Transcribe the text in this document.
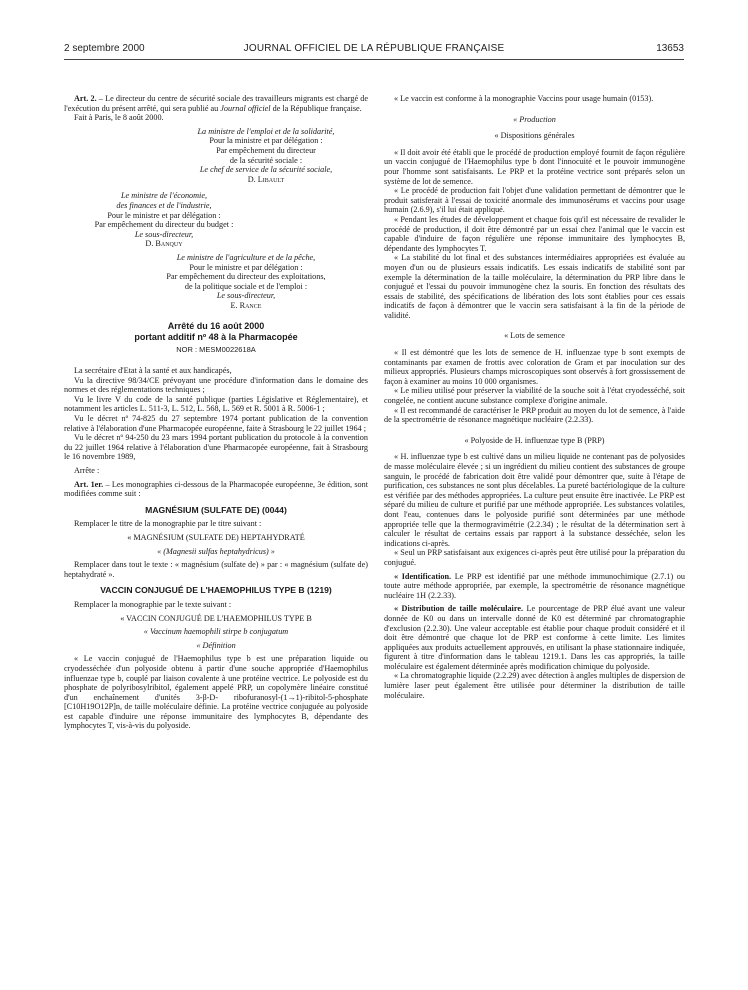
2 septembre 2000	JOURNAL OFFICIEL DE LA RÉPUBLIQUE FRANÇAISE	13653

Art. 2. – Le directeur du centre de sécurité sociale des travailleurs migrants est chargé de l'exécution du présent arrêté, qui sera publié au Journal officiel de la République française.

Fait à Paris, le 8 août 2000.

La ministre de l'emploi et de la solidarité,

Pour la ministre et par délégation :

Par empêchement du directeur

de la sécurité sociale :

Le chef de service de la sécurité sociale,

D. Libault

Le ministre de l'économie,

des finances et de l'industrie,

Pour le ministre et par délégation :

Par empêchement du directeur du budget :

Le sous-directeur,

D. Banquy

Le ministre de l'agriculture et de la pêche,

Pour le ministre et par délégation :

Par empêchement du directeur des exploitations,

de la politique sociale et de l'emploi :

Le sous-directeur,

E. Rance

Arrêté du 16 août 2000

portant additif nº 48 à la Pharmacopée

NOR : MESM0022618A

La secrétaire d'Etat à la santé et aux handicapés,

Vu la directive 98/34/CE prévoyant une procédure d'information dans le domaine des normes et des réglementations techniques ;

Vu le livre V du code de la santé publique (parties Législative et Réglementaire), et notamment les articles L. 511-3, L. 512, L. 568, L. 569 et R. 5001 à R. 5006-1 ;

Vu le décret nº 74-825 du 27 septembre 1974 portant publication de la convention relative à l'élaboration d'une Pharmacopée européenne, faite à Strasbourg le 22 juillet 1964 ;

Vu le décret nº 94-250 du 23 mars 1994 portant publication du protocole à la convention du 22 juillet 1964 relative à l'élaboration d'une Pharmacopée européenne, fait à Strasbourg le 16 novembre 1989,

Arrête :

Art. 1er. – Les monographies ci-dessous de la Pharmacopée européenne, 3e édition, sont modifiées comme suit :

MAGNÉSIUM (SULFATE DE) (0044)

Remplacer le titre de la monographie par le titre suivant :

« MAGNÉSIUM (SULFATE DE) HEPTAHYDRATÉ

« (Magnesii sulfas heptahydricus) »

Remplacer dans tout le texte : « magnésium (sulfate de) » par : « magnésium (sulfate de) heptahydraté ».

VACCIN CONJUGUÉ DE L'HAEMOPHILUS TYPE B (1219)

Remplacer la monographie par le texte suivant :

« VACCIN CONJUGUÉ DE L'HAEMOPHILUS TYPE B

« Vaccinum haemophili stirpe b conjugatum

« Définition

« Le vaccin conjugué de l'Haemophilus type b est une préparation liquide ou cryodesséchée d'un polyoside obtenu à partir d'une souche appropriée d'Haemophilus influenzae type b, couplé par liaison covalente à une protéine vectrice. Le polyoside est du phosphate de polyribosylribitol, également appelé PRP, un copolymère linéaire constitué d'un enchaînement d'unités 3-β-D- ribofuranosyl-(1→1)-ribitol-5-phosphate [C10H19O12P]n, de taille moléculaire définie. La protéine vectrice conjuguée au polyoside est capable d'induire une réponse immunitaire des lymphocytes B, dépendante des lymphocytes T, vis-à-vis du polyoside.

« Le vaccin est conforme à la monographie Vaccins pour usage humain (0153).

« Production

« Dispositions générales

« Il doit avoir été établi que le procédé de production employé fournit de façon régulière un vaccin conjugué de l'Haemophilus type b dont l'innocuité et le pouvoir immunogène pour l'homme sont satisfaisants. Le PRP et la protéine vectrice sont préparés selon un système de lot de semence.

« Le procédé de production fait l'objet d'une validation permettant de démontrer que le produit satisferait à l'essai de toxicité anormale des immunosérums et vaccins pour usage humain (2.6.9), s'il lui était appliqué.

« Pendant les études de développement et chaque fois qu'il est nécessaire de revalider le procédé de production, il doit être démontré par un essai chez l'animal que le vaccin est capable d'induire de façon régulière une réponse immunitaire des lymphocytes B, dépendante des lymphocytes T.

« La stabilité du lot final et des substances intermédiaires appropriées est évaluée au moyen d'un ou de plusieurs essais indicatifs. Les essais indicatifs de stabilité sont par exemple la détermination de la taille moléculaire, la détermination du PRP libre dans le conjugué et l'essai du pouvoir immunogène chez la souris. En fonction des résultats des essais de stabilité, des spécifications de libération des lots sont établies pour ces essais indicatifs de façon à démontrer que le vaccin sera satisfaisant à la fin de la période de validité.

« Lots de semence

« Il est démontré que les lots de semence de H. influenzae type b sont exempts de contaminants par examen de frottis avec coloration de Gram et par inoculation sur des milieux appropriés. Plusieurs champs microscopiques sont observés à fort grossissement de façon à examiner au moins 10 000 organismes.

« Le milieu utilisé pour préserver la viabilité de la souche soit à l'état cryodesséché, soit congelée, ne contient aucune substance complexe d'origine animale.

« Il est recommandé de caractériser le PRP produit au moyen du lot de semence, à l'aide de la spectrométrie de résonance magnétique nucléaire (2.2.33).

« Polyoside de H. influenzae type B (PRP)

« H. influenzae type b est cultivé dans un milieu liquide ne contenant pas de polyosides de masse moléculaire élevée ; si un ingrédient du milieu contient des substances de groupe sanguin, le procédé de fabrication doit être validé pour démontrer que, suite à l'étape de purification, ces substances ne sont plus décelables. La pureté bactériologique de la culture est vérifiée par des méthodes appropriées. La culture peut ensuite être inactivée. Le PRP est séparé du milieu de culture et purifié par une méthode appropriée. Les substances volatiles, dont l'eau, contenues dans le polyoside purifié sont déterminées par une méthode appropriée telle que la thermogravimétrie (2.2.34) ; le résultat de la détermination sert à calculer le résultat de certains essais par rapport à la substance desséchée, selon les indications ci-après.

« Seul un PRP satisfaisant aux exigences ci-après peut être utilisé pour la préparation du conjugué.

« Identification. Le PRP est identifié par une méthode immunochimique (2.7.1) ou toute autre méthode appropriée, par exemple, la spectrométrie de résonance magnétique nucléaire 1H (2.2.33).

« Distribution de taille moléculaire. Le pourcentage de PRP élué avant une valeur donnée de K0 ou dans un intervalle donné de K0 est déterminé par chromatographie d'exclusion (2.2.30). Une valeur acceptable est établie pour chaque produit considéré et il doit être démontré que chaque lot de PRP est conforme à cette limite. Les limites appliquées aux produits actuellement approuvés, en utilisant la phase stationnaire indiquée, figurent à titre d'information dans le tableau 1219.1. Dans les cas appropriés, la taille moléculaire est également déterminée après modification chimique du polyoside.

« La chromatographie liquide (2.2.29) avec détection à angles multiples de dispersion de lumière laser peut également être utilisée pour déterminer la distribution de taille moléculaire.
